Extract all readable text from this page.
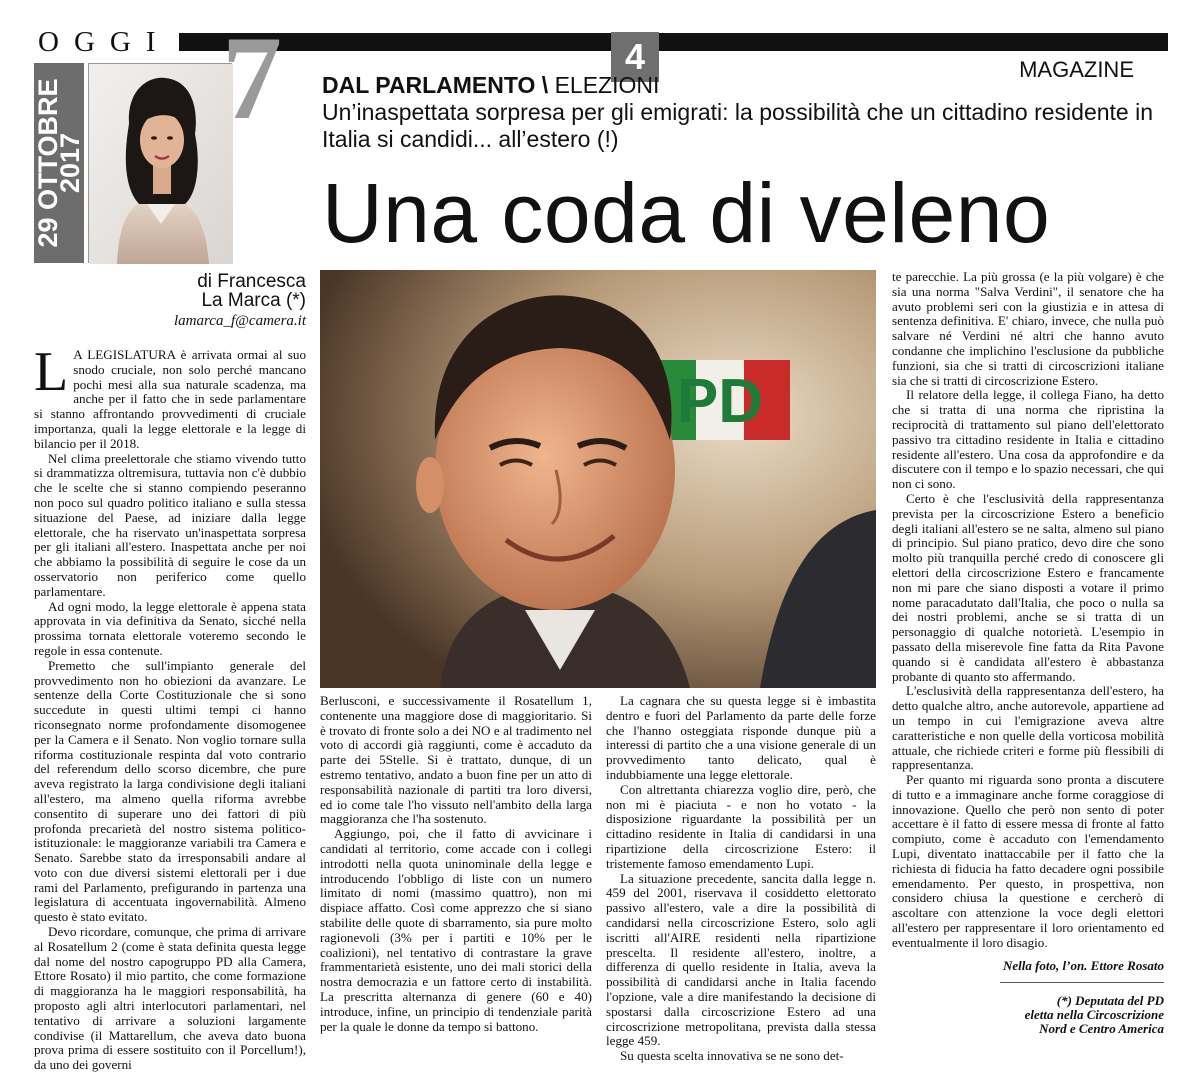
OGGI	4	MAGAZINE
29 OTTOBRE
2017
7
di Francesca
La Marca (*)
lamarca_f@camera.it
DAL PARLAMENTO \ ELEZIONI
Un’inaspettata sorpresa per gli emigrati: la possibilità che un cittadino residente in Italia si candidi... all’estero (!)
Una coda di veleno

L A LEGISLATURA è arrivata ormai al suo snodo cruciale, non solo perché mancano pochi mesi alla sua naturale scadenza, ma anche per il fatto che in sede parlamentare si stanno affrontando provvedimenti di cruciale importanza, quali la legge elettorale e la legge di bilancio per il 2018.

Nel clima preelettorale che stiamo vivendo tutto si drammatizza oltremisura, tuttavia non c'è dubbio che le scelte che si stanno compiendo peseranno non poco sul quadro politico italiano e sulla stessa situazione del Paese, ad iniziare dalla legge elettorale, che ha riservato un'inaspettata sorpresa per gli italiani all'estero. Inaspettata anche per noi che abbiamo la possibilità di seguire le cose da un osservatorio non periferico come quello parlamentare.

Ad ogni modo, la legge elettorale è appena stata approvata in via definitiva da Senato, sicché nella prossima tornata elettorale voteremo secondo le regole in essa contenute.

Premetto che sull'impianto generale del provvedimento non ho obiezioni da avanzare. Le sentenze della Corte Costituzionale che si sono succedute in questi ultimi tempi ci hanno riconsegnato norme profondamente disomogenee per la Camera e il Senato. Non voglio tornare sulla riforma costituzionale respinta dal voto contrario del referendum dello scorso dicembre, che pure aveva registrato la larga condivisione degli italiani all'estero, ma almeno quella riforma avrebbe consentito di superare uno dei fattori di più profonda precarietà del nostro sistema politico-istituzionale: le maggioranze variabili tra Camera e Senato. Sarebbe stato da irresponsabili andare al voto con due diversi sistemi elettorali per i due rami del Parlamento, prefigurando in partenza una legislatura di accentuata ingovernabilità. Almeno questo è stato evitato.

Devo ricordare, comunque, che prima di arrivare al Rosatellum 2 (come è stata definita questa legge dal nome del nostro capogruppo PD alla Camera, Ettore Rosato) il mio partito, che come formazione di maggioranza ha le maggiori responsabilità, ha proposto agli altri interlocutori parlamentari, nel tentativo di arrivare a soluzioni largamente condivise (il Mattarellum, che aveva dato buona prova prima di essere sostituito con il Porcellum!), da uno dei governi

PD

Berlusconi, e successivamente il Rosatellum 1, contenente una maggiore dose di maggioritario. Si è trovato di fronte solo a dei NO e al tradimento nel voto di accordi già raggiunti, come è accaduto da parte dei 5Stelle. Si è trattato, dunque, di un estremo tentativo, andato a buon fine per un atto di responsabilità nazionale di partiti tra loro diversi, ed io come tale l'ho vissuto nell'ambito della larga maggioranza che l'ha sostenuto.

Aggiungo, poi, che il fatto di avvicinare i candidati al territorio, come accade con i collegi introdotti nella quota uninominale della legge e introducendo l'obbligo di liste con un numero limitato di nomi (massimo quattro), non mi dispiace affatto. Così come apprezzo che si siano stabilite delle quote di sbarramento, sia pure molto ragionevoli (3% per i partiti e 10% per le coalizioni), nel tentativo di contrastare la grave frammentarietà esistente, uno dei mali storici della nostra democrazia e un fattore certo di instabilità. La prescritta alternanza di genere (60 e 40) introduce, infine, un principio di tendenziale parità per la quale le donne da tempo si battono.

La cagnara che su questa legge si è imbastita dentro e fuori del Parlamento da parte delle forze che l'hanno osteggiata risponde dunque più a interessi di partito che a una visione generale di un provvedimento tanto delicato, qual è indubbiamente una legge elettorale.

Con altrettanta chiarezza voglio dire, però, che non mi è piaciuta - e non ho votato - la disposizione riguardante la possibilità per un cittadino residente in Italia di candidarsi in una ripartizione della circoscrizione Estero: il tristemente famoso emendamento Lupi.

La situazione precedente, sancita dalla legge n. 459 del 2001, riservava il cosiddetto elettorato passivo all'estero, vale a dire la possibilità di candidarsi nella circoscrizione Estero, solo agli iscritti all'AIRE residenti nella ripartizione prescelta. Il residente all'estero, inoltre, a differenza di quello residente in Italia, aveva la possibilità di candidarsi anche in Italia facendo l'opzione, vale a dire manifestando la decisione di spostarsi dalla circoscrizione Estero ad una circoscrizione metropolitana, prevista dalla stessa legge 459.

Su questa scelta innovativa se ne sono det-

te parecchie. La più grossa (e la più volgare) è che sia una norma "Salva Verdini", il senatore che ha avuto problemi seri con la giustizia e in attesa di sentenza definitiva. E' chiaro, invece, che nulla può salvare né Verdini né altri che hanno avuto condanne che implichino l'esclusione da pubbliche funzioni, sia che si tratti di circoscrizioni italiane sia che si tratti di circoscrizione Estero.

Il relatore della legge, il collega Fiano, ha detto che si tratta di una norma che ripristina la reciprocità di trattamento sul piano dell'elettorato passivo tra cittadino residente in Italia e cittadino residente all'estero. Una cosa da approfondire e da discutere con il tempo e lo spazio necessari, che qui non ci sono.

Certo è che l'esclusività della rappresentanza prevista per la circoscrizione Estero a beneficio degli italiani all'estero se ne salta, almeno sul piano di principio. Sul piano pratico, devo dire che sono molto più tranquilla perché credo di conoscere gli elettori della circoscrizione Estero e francamente non mi pare che siano disposti a votare il primo nome paracadutato dall'Italia, che poco o nulla sa dei nostri problemi, anche se si tratta di un personaggio di qualche notorietà. L'esempio in passato della miserevole fine fatta da Rita Pavone quando si è candidata all'estero è abbastanza probante di quanto sto affermando.

L'esclusività della rappresentanza dell'estero, ha detto qualche altro, anche autorevole, appartiene ad un tempo in cui l'emigrazione aveva altre caratteristiche e non quelle della vorticosa mobilità attuale, che richiede criteri e forme più flessibili di rappresentanza.

Per quanto mi riguarda sono pronta a discutere di tutto e a immaginare anche forme coraggiose di innovazione. Quello che però non sento di poter accettare è il fatto di essere messa di fronte al fatto compiuto, come è accaduto con l'emendamento Lupi, diventato inattaccabile per il fatto che la richiesta di fiducia ha fatto decadere ogni possibile emendamento. Per questo, in prospettiva, non considero chiusa la questione e cercherò di ascoltare con attenzione la voce degli elettori all'estero per rappresentare il loro orientamento ed eventualmente il loro disagio.

Nella foto, l’on. Ettore Rosato
(*) Deputata del PD
eletta nella Circoscrizione
Nord e Centro America
